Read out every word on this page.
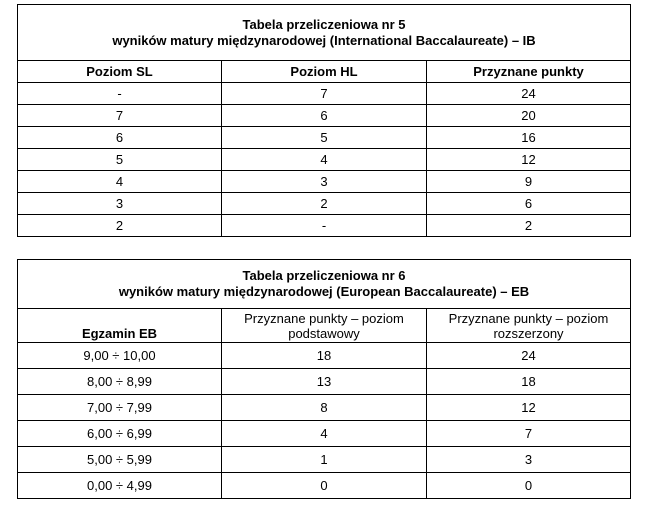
Tabela przeliczeniowa nr 5
wyników matury międzynarodowej (International Baccalaureate) – IB		

Poziom SL	Poziom HL	Przyznane punkty
-	7	24
7	6	20
6	5	16
5	4	12
4	3	9
3	2	6
2	-	2
Tabela przeliczeniowa nr 6
wyników matury międzynarodowej (European Baccalaureate) – EB		

Egzamin EB	Przyznane punkty – poziom podstawowy	Przyznane punkty – poziom rozszerzony
9,00 ÷ 10,00	18	24
8,00 ÷ 8,99	13	18
7,00 ÷ 7,99	8	12
6,00 ÷ 6,99	4	7
5,00 ÷ 5,99	1	3
0,00 ÷ 4,99	0	0
